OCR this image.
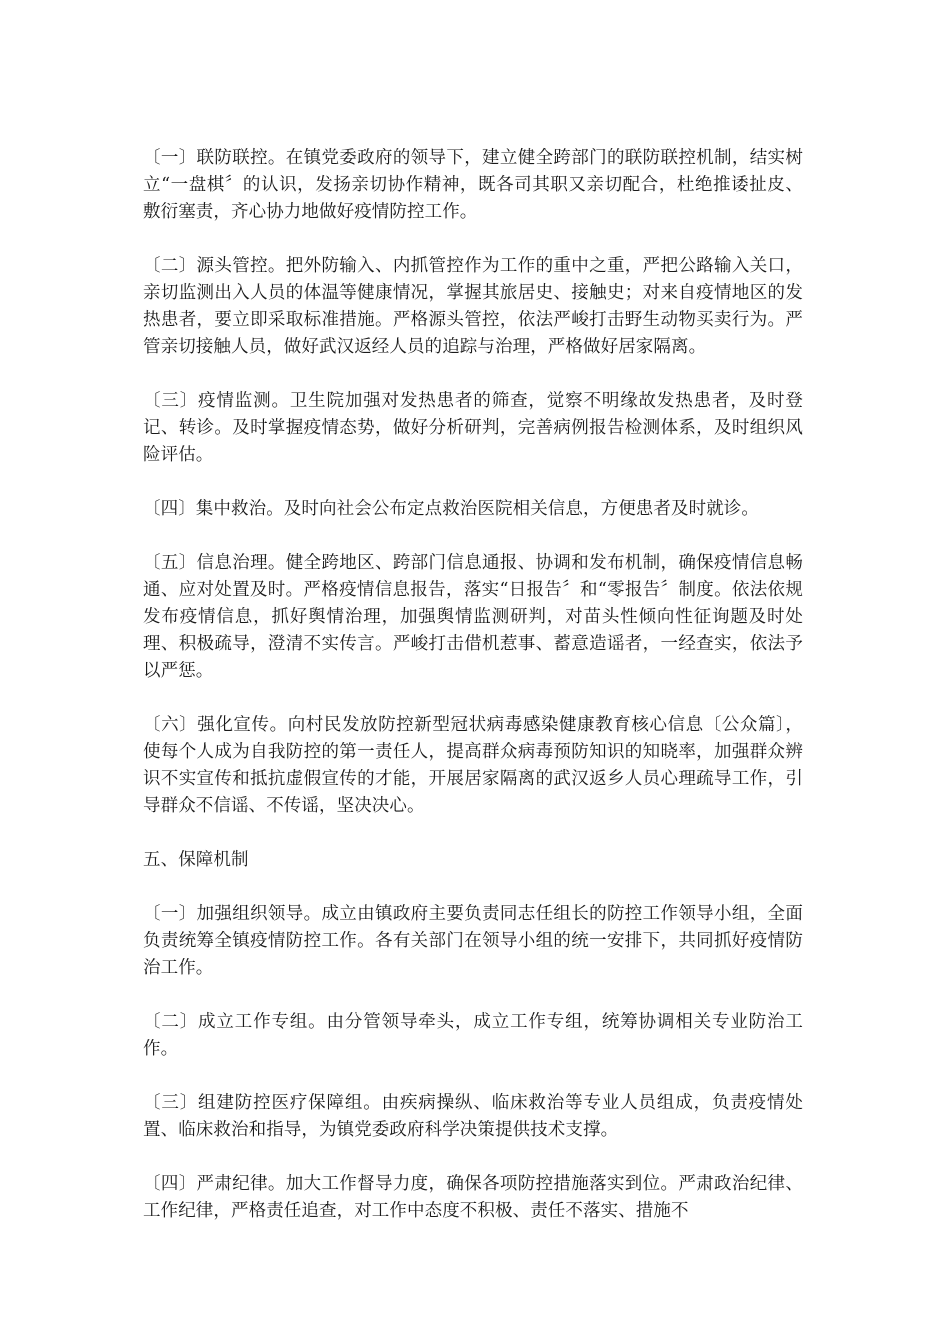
〔一〕联防联控。在镇党委政府的领导下，建立健全跨部门的联防联控机制，结实树立“一盘棋〞的认识，发扬亲切协作精神，既各司其职又亲切配合，杜绝推诿扯皮、敷衍塞责，齐心协力地做好疫情防控工作。

〔二〕源头管控。把外防输入、内抓管控作为工作的重中之重，严把公路输入关口，亲切监测出入人员的体温等健康情况，掌握其旅居史、接触史；对来自疫情地区的发热患者，要立即采取标准措施。严格源头管控，依法严峻打击野生动物买卖行为。严管亲切接触人员，做好武汉返经人员的追踪与治理，严格做好居家隔离。

〔三〕疫情监测。卫生院加强对发热患者的筛查，觉察不明缘故发热患者，及时登记、转诊。及时掌握疫情态势，做好分析研判，完善病例报告检测体系，及时组织风险评估。

〔四〕集中救治。及时向社会公布定点救治医院相关信息，方便患者及时就诊。

〔五〕信息治理。健全跨地区、跨部门信息通报、协调和发布机制，确保疫情信息畅通、应对处置及时。严格疫情信息报告，落实“日报告〞和“零报告〞制度。依法依规发布疫情信息，抓好舆情治理，加强舆情监测研判，对苗头性倾向性征询题及时处理、积极疏导，澄清不实传言。严峻打击借机惹事、蓄意造谣者，一经查实，依法予以严惩。

〔六〕强化宣传。向村民发放防控新型冠状病毒感染健康教育核心信息〔公众篇〕，使每个人成为自我防控的第一责任人，提高群众病毒预防知识的知晓率，加强群众辨识不实宣传和抵抗虚假宣传的才能，开展居家隔离的武汉返乡人员心理疏导工作，引导群众不信谣、不传谣，坚决决心。

五、保障机制

〔一〕加强组织领导。成立由镇政府主要负责同志任组长的防控工作领导小组，全面负责统筹全镇疫情防控工作。各有关部门在领导小组的统一安排下，共同抓好疫情防治工作。

〔二〕成立工作专组。由分管领导牵头，成立工作专组，统筹协调相关专业防治工作。

〔三〕组建防控医疗保障组。由疾病操纵、临床救治等专业人员组成，负责疫情处置、临床救治和指导，为镇党委政府科学决策提供技术支撑。

〔四〕严肃纪律。加大工作督导力度，确保各项防控措施落实到位。严肃政治纪律、工作纪律，严格责任追查，对工作中态度不积极、责任不落实、措施不
